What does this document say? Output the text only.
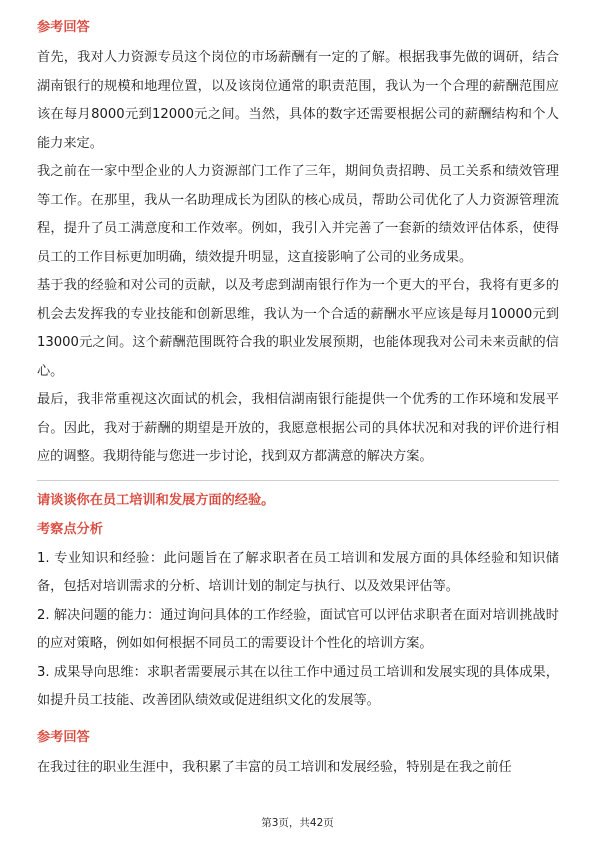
参考回答

首先，我对人力资源专员这个岗位的市场薪酬有一定的了解。根据我事先做的调研，结合湖南银行的规模和地理位置，以及该岗位通常的职责范围，我认为一个合理的薪酬范围应该在每月8000元到12000元之间。当然，具体的数字还需要根据公司的薪酬结构和个人能力来定。

我之前在一家中型企业的人力资源部门工作了三年，期间负责招聘、员工关系和绩效管理等工作。在那里，我从一名助理成长为团队的核心成员，帮助公司优化了人力资源管理流程，提升了员工满意度和工作效率。例如，我引入并完善了一套新的绩效评估体系，使得员工的工作目标更加明确，绩效提升明显，这直接影响了公司的业务成果。

基于我的经验和对公司的贡献，以及考虑到湖南银行作为一个更大的平台，我将有更多的机会去发挥我的专业技能和创新思维，我认为一个合适的薪酬水平应该是每月10000元到13000元之间。这个薪酬范围既符合我的职业发展预期，也能体现我对公司未来贡献的信心。

最后，我非常重视这次面试的机会，我相信湖南银行能提供一个优秀的工作环境和发展平台。因此，我对于薪酬的期望是开放的，我愿意根据公司的具体状况和对我的评价进行相应的调整。我期待能与您进一步讨论，找到双方都满意的解决方案。

请谈谈你在员工培训和发展方面的经验。

考察点分析

1. 专业知识和经验：此问题旨在了解求职者在员工培训和发展方面的具体经验和知识储备，包括对培训需求的分析、培训计划的制定与执行、以及效果评估等。

2. 解决问题的能力：通过询问具体的工作经验，面试官可以评估求职者在面对培训挑战时的应对策略，例如如何根据不同员工的需要设计个性化的培训方案。

3. 成果导向思维：求职者需要展示其在以往工作中通过员工培训和发展实现的具体成果，如提升员工技能、改善团队绩效或促进组织文化的发展等。

参考回答

在我过往的职业生涯中，我积累了丰富的员工培训和发展经验，特别是在我之前任

第3页，共42页
